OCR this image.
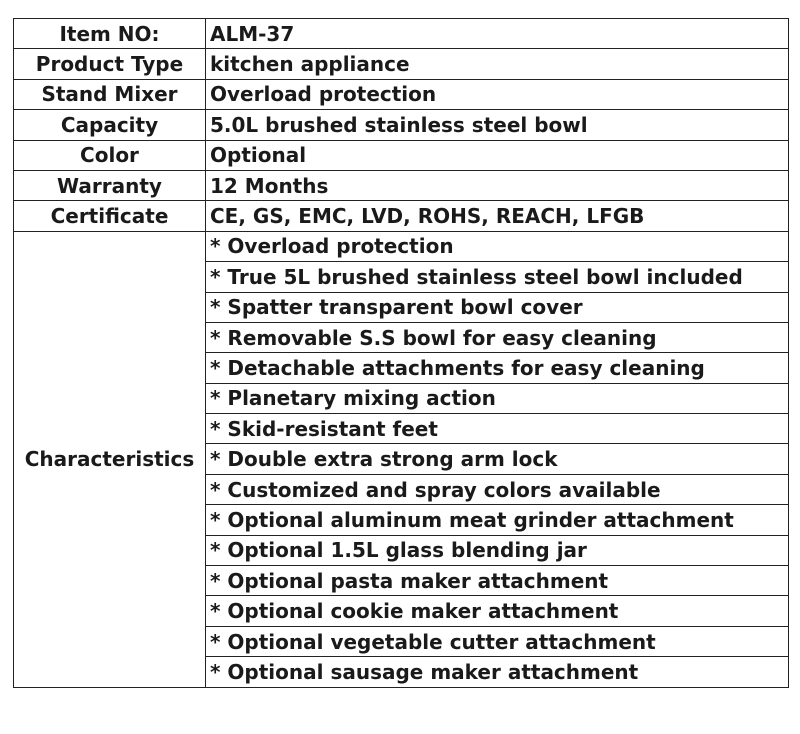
Item NO:	ALM-37
Product Type	kitchen appliance
Stand Mixer	Overload protection
Capacity	5.0L brushed stainless steel bowl
Color	Optional
Warranty	12 Months
Certificate	CE, GS, EMC, LVD, ROHS, REACH, LFGB
Characteristics	* Overload protection
	* True 5L brushed stainless steel bowl included
	* Spatter transparent bowl cover
	* Removable S.S bowl for easy cleaning
	* Detachable attachments for easy cleaning
	* Planetary mixing action
	* Skid-resistant feet
	* Double extra strong arm lock
	* Customized and spray colors available
	* Optional aluminum meat grinder attachment
	* Optional 1.5L glass blending jar
	* Optional pasta maker attachment
	* Optional cookie maker attachment
	* Optional vegetable cutter attachment
	* Optional sausage maker attachment
